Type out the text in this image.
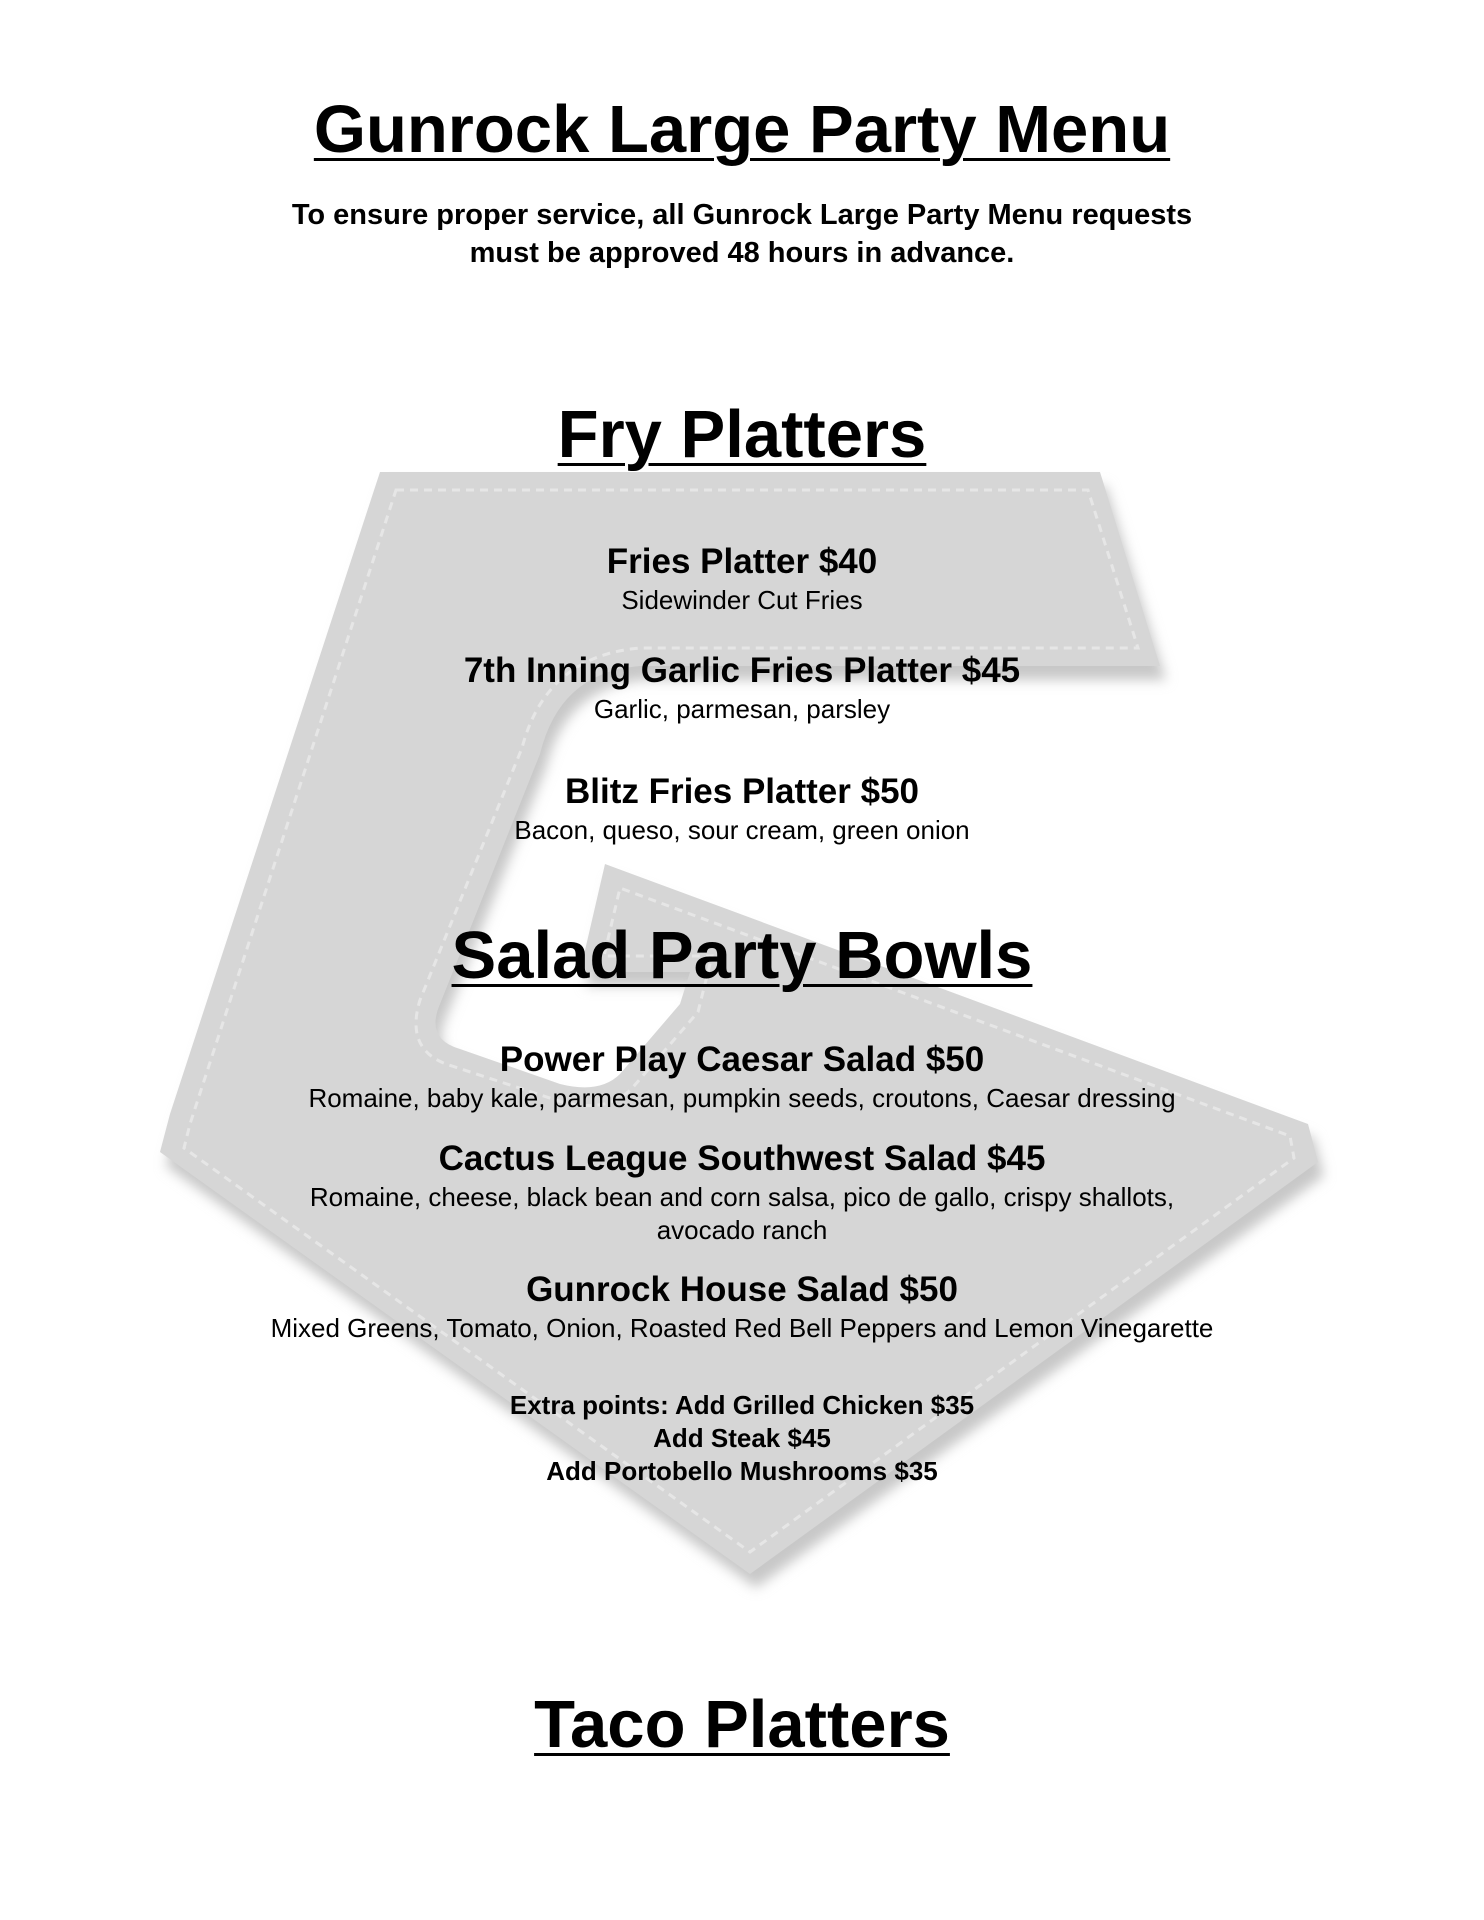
Gunrock Large Party Menu
To ensure proper service, all Gunrock Large Party Menu requests
must be approved 48 hours in advance.
Fry Platters
Fries Platter $40
Sidewinder Cut Fries
7th Inning Garlic Fries Platter $45
Garlic, parmesan, parsley
Blitz Fries Platter $50
Bacon, queso, sour cream, green onion
Salad Party Bowls
Power Play Caesar Salad $50
Romaine, baby kale, parmesan, pumpkin seeds, croutons, Caesar dressing
Cactus League Southwest Salad $45
Romaine, cheese, black bean and corn salsa, pico de gallo, crispy shallots,
avocado ranch
Gunrock House Salad $50
Mixed Greens, Tomato, Onion, Roasted Red Bell Peppers and Lemon Vinegarette
Extra points: Add Grilled Chicken $35
Add Steak $45
Add Portobello Mushrooms $35
Taco Platters
